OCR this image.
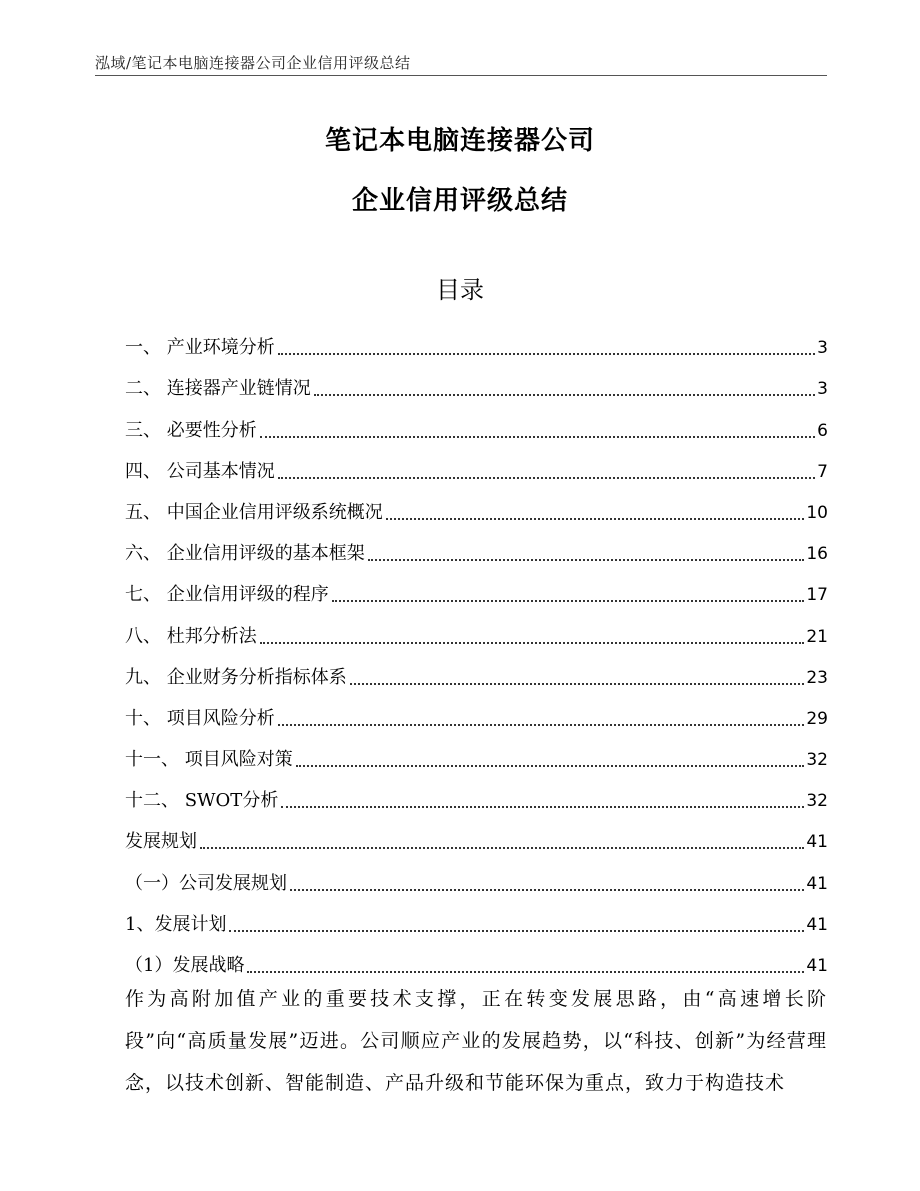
泓域/笔记本电脑连接器公司企业信用评级总结
笔记本电脑连接器公司
企业信用评级总结
目录
一、 产业环境分析	3
二、 连接器产业链情况	3
三、 必要性分析	6
四、 公司基本情况	7
五、 中国企业信用评级系统概况	10
六、 企业信用评级的基本框架	16
七、 企业信用评级的程序	17
八、 杜邦分析法	21
九、 企业财务分析指标体系	23
十、 项目风险分析	29
十一、 项目风险对策	32
十二、 SWOT分析	32
发展规划	41
（一）公司发展规划	41
1、发展计划	41
（1）发展战略	41
作为高附加值产业的重要技术支撑，正在转变发展思路，由“高速增长阶段”向“高质量发展”迈进。公司顺应产业的发展趋势，以“科技、创新”为经营理念，以技术创新、智能制造、产品升级和节能环保为重点，致力于构造技术
